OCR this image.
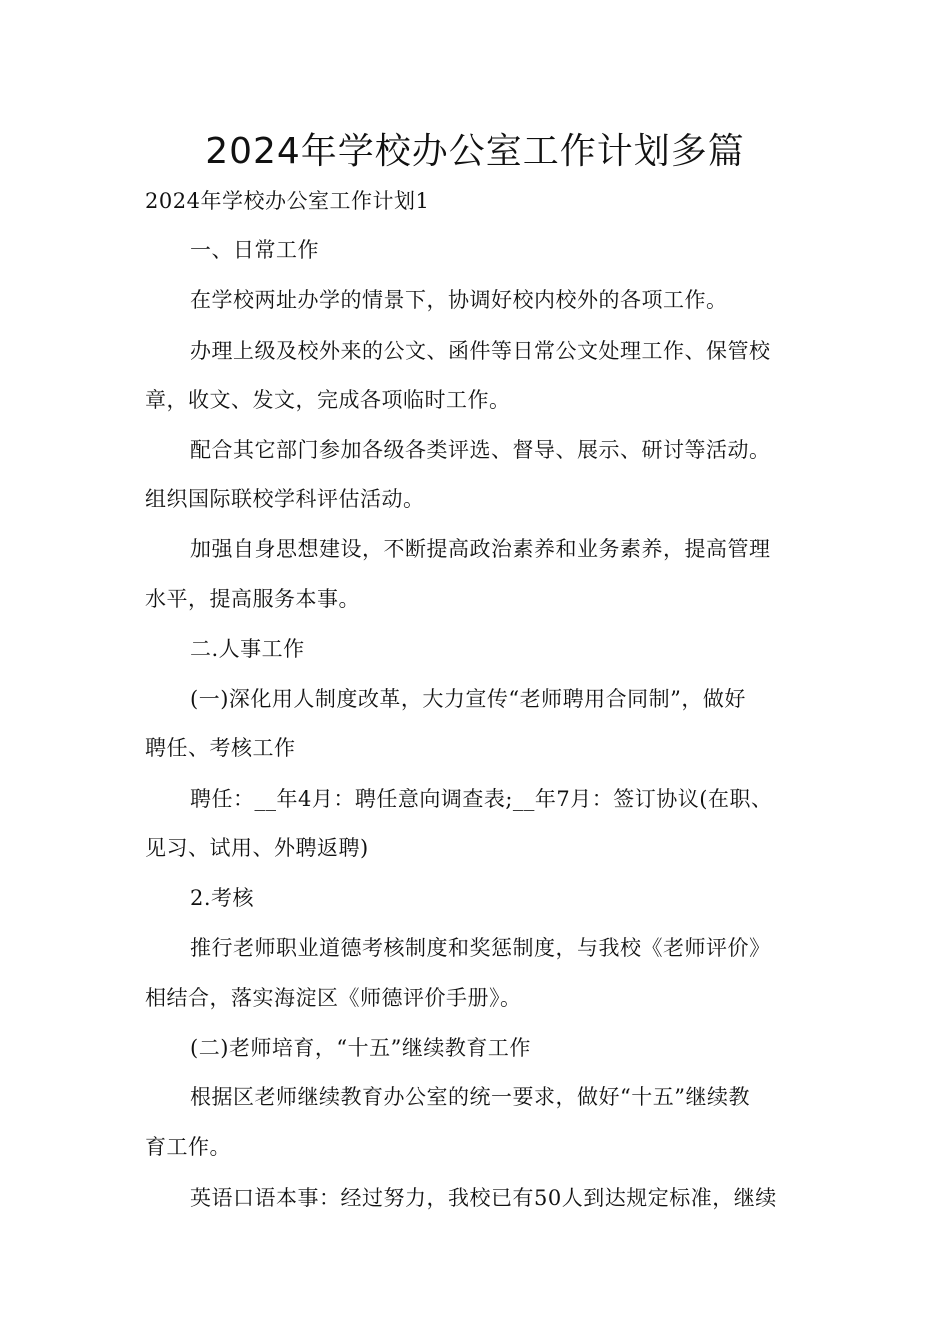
2024年学校办公室工作计划多篇
2024年学校办公室工作计划1
一、日常工作
在学校两址办学的情景下，协调好校内校外的各项工作。
办理上级及校外来的公文、函件等日常公文处理工作、保管校
章，收文、发文，完成各项临时工作。
配合其它部门参加各级各类评选、督导、展示、研讨等活动。
组织国际联校学科评估活动。
加强自身思想建设，不断提高政治素养和业务素养，提高管理
水平，提高服务本事。
二.人事工作
(一)深化用人制度改革，大力宣传“老师聘用合同制”，做好
聘任、考核工作
聘任：__年4月：聘任意向调查表;__年7月：签订协议(在职、
见习、试用、外聘返聘)
2.考核
推行老师职业道德考核制度和奖惩制度，与我校《老师评价》
相结合，落实海淀区《师德评价手册》。
(二)老师培育，“十五”继续教育工作
根据区老师继续教育办公室的统一要求，做好“十五”继续教
育工作。
英语口语本事：经过努力，我校已有50人到达规定标准，继续
